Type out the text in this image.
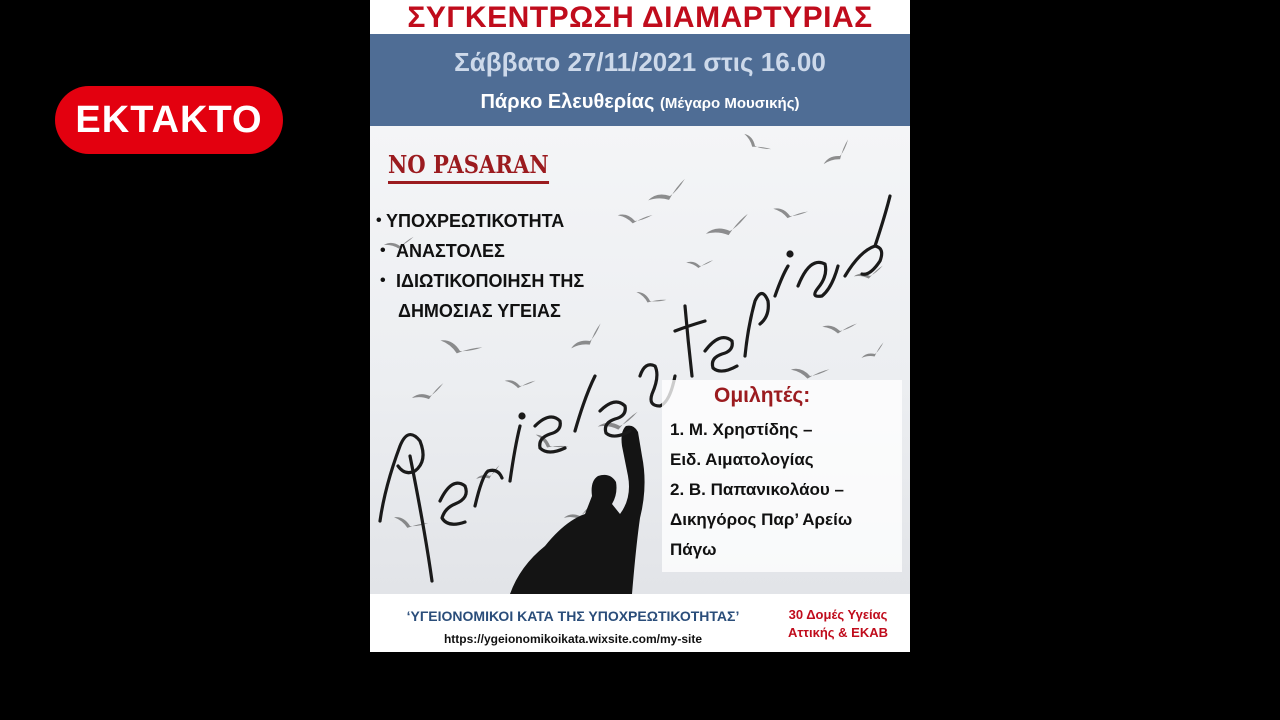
ΕΚΤΑΚΤΟ
ΣΥΓΚΕΝΤΡΩΣΗ ΔΙΑΜΑΡΤΥΡΙΑΣ
Σάββατο 27/11/2021 στις 16.00
Πάρκο Ελευθερίας (Μέγαρο Μουσικής)
NO PASARAN
• ΥΠΟΧΡΕΩΤΙΚΟΤΗΤΑ
• ΑΝΑΣΤΟΛΕΣ
• ΙΔΙΩΤΙΚΟΠΟΙΗΣΗ ΤΗΣ
ΔΗΜΟΣΙΑΣ ΥΓΕΙΑΣ
Ομιλητές:
1. Μ. Χρηστίδης –
Ειδ. Αιματολογίας
2. Β. Παπανικολάου –
Δικηγόρος Παρ’ Αρείω
Πάγω
‘ΥΓΕΙΟΝΟΜΙΚΟΙ ΚΑΤΑ ΤΗΣ ΥΠΟΧΡΕΩΤΙΚΟΤΗΤΑΣ’
https://ygeionomikoikata.wixsite.com/my-site
30 Δομές Υγείας
Αττικής & ΕΚΑΒ
